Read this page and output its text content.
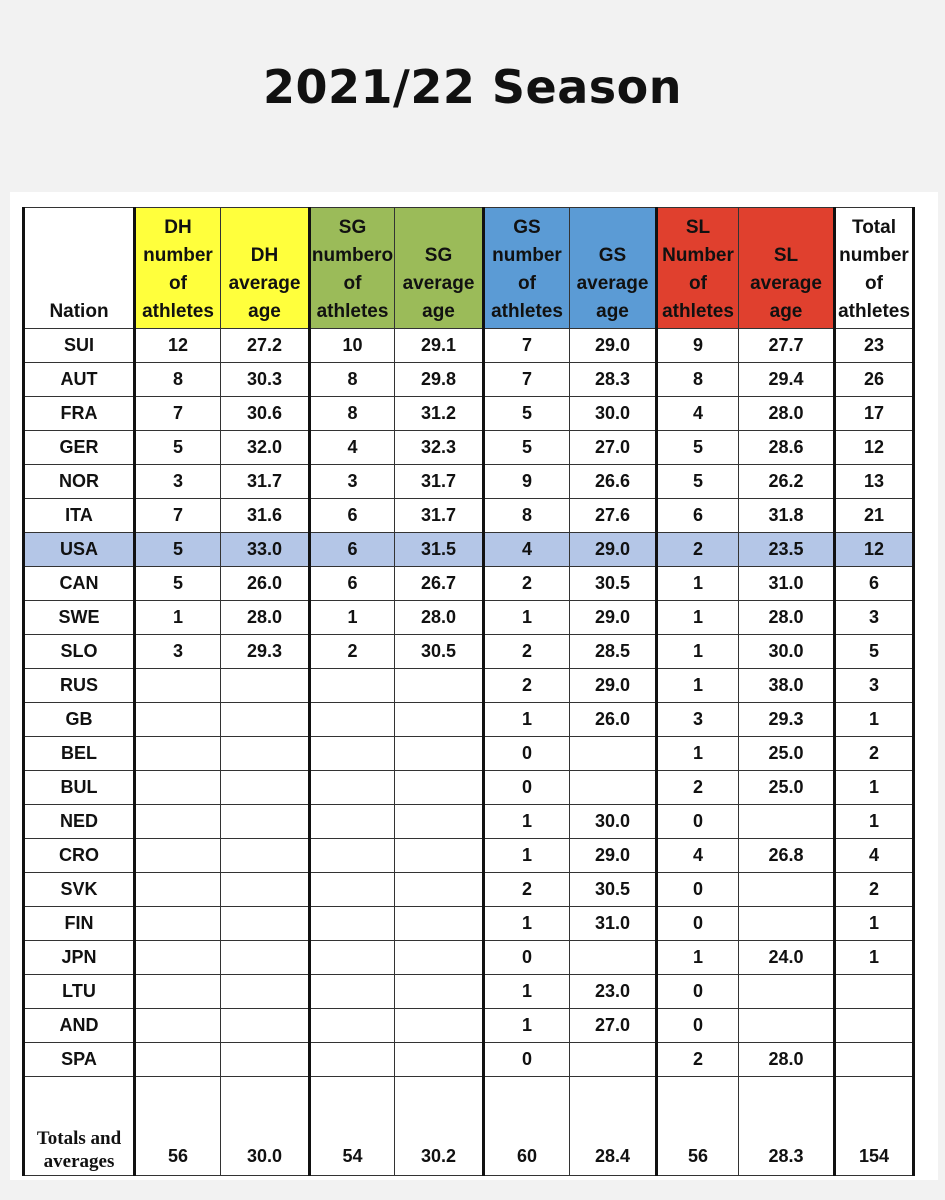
2021/22 Season
Nation	DH number of athletes	DH average age	SG numbero of athletes	SG average age	GS number of athletes	GS average age	SL Number of athletes	SL average age	Total number of athletes
SUI	12	27.2	10	29.1	7	29.0	9	27.7	23
AUT	8	30.3	8	29.8	7	28.3	8	29.4	26
FRA	7	30.6	8	31.2	5	30.0	4	28.0	17
GER	5	32.0	4	32.3	5	27.0	5	28.6	12
NOR	3	31.7	3	31.7	9	26.6	5	26.2	13
ITA	7	31.6	6	31.7	8	27.6	6	31.8	21
USA	5	33.0	6	31.5	4	29.0	2	23.5	12
CAN	5	26.0	6	26.7	2	30.5	1	31.0	6
SWE	1	28.0	1	28.0	1	29.0	1	28.0	3
SLO	3	29.3	2	30.5	2	28.5	1	30.0	5
RUS					2	29.0	1	38.0	3
GB					1	26.0	3	29.3	1
BEL					0		1	25.0	2
BUL					0		2	25.0	1
NED					1	30.0	0		1
CRO					1	29.0	4	26.8	4
SVK					2	30.5	0		2
FIN					1	31.0	0		1
JPN					0		1	24.0	1
LTU					1	23.0	0		
AND					1	27.0	0		
SPA					0		2	28.0	
Totals and averages	56	30.0	54	30.2	60	28.4	56	28.3	154
